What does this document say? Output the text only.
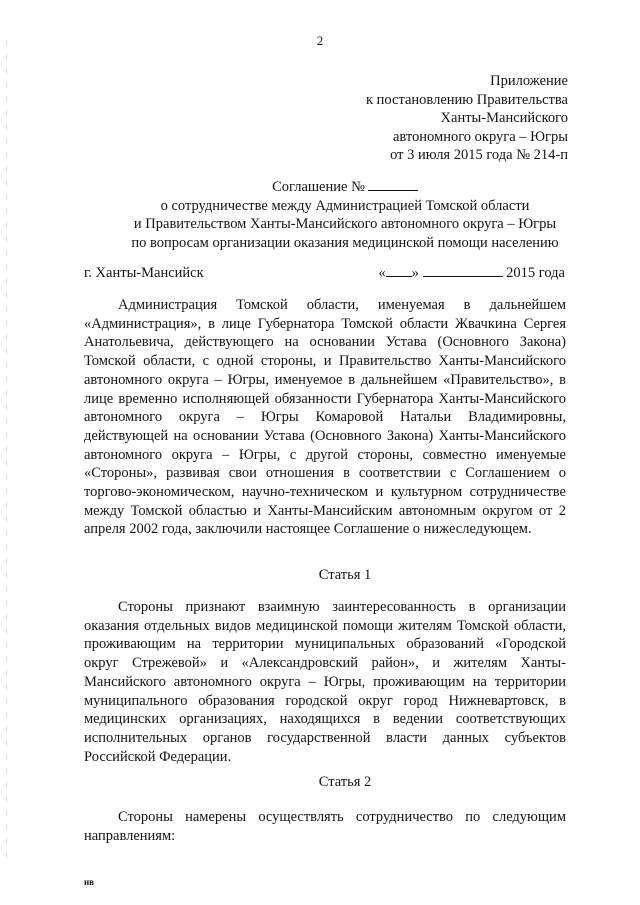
2
Приложение
к постановлению Правительства
Ханты-Мансийского
автономного округа – Югры
от 3 июля 2015 года № 214-п
Соглашение №
о сотрудничестве между Администрацией Томской области
и Правительством Ханты-Мансийского автономного округа – Югры
по вопросам организации оказания медицинской помощи населению
г. Ханты-Мансийск	« »	2015 года

Администрация Томской области, именуемая в дальнейшем «Администрация», в лице Губернатора Томской области Жвачкина Сергея Анатольевича, действующего на основании Устава (Основного Закона) Томской области, с одной стороны, и Правительство Ханты-Мансийского автономного округа – Югры, именуемое в дальнейшем «Правительство», в лице временно исполняющей обязанности Губернатора Ханты-Мансийского автономного округа – Югры Комаровой Натальи Владимировны, действующей на основании Устава (Основного Закона) Ханты-Мансийского автономного округа – Югры, с другой стороны, совместно именуемые «Стороны», развивая свои отношения в соответствии с Соглашением о торгово-экономическом, научно-техническом и культурном сотрудничестве между Томской областью и Ханты-Мансийским автономным округом от 2 апреля 2002 года, заключили настоящее Соглашение о нижеследующем.

Статья 1

Стороны признают взаимную заинтересованность в организации оказания отдельных видов медицинской помощи жителям Томской области, проживающим на территории муниципальных образований «Городской округ Стрежевой» и «Александровский район», и жителям Ханты-Мансийского автономного округа – Югры, проживающим на территории муниципального образования городской округ город Нижневартовск, в медицинских организациях, находящихся в ведении соответствующих исполнительных органов государственной власти данных субъектов Российской Федерации.

Статья 2

Стороны намерены осуществлять сотрудничество по следующим направлениям:

нв
